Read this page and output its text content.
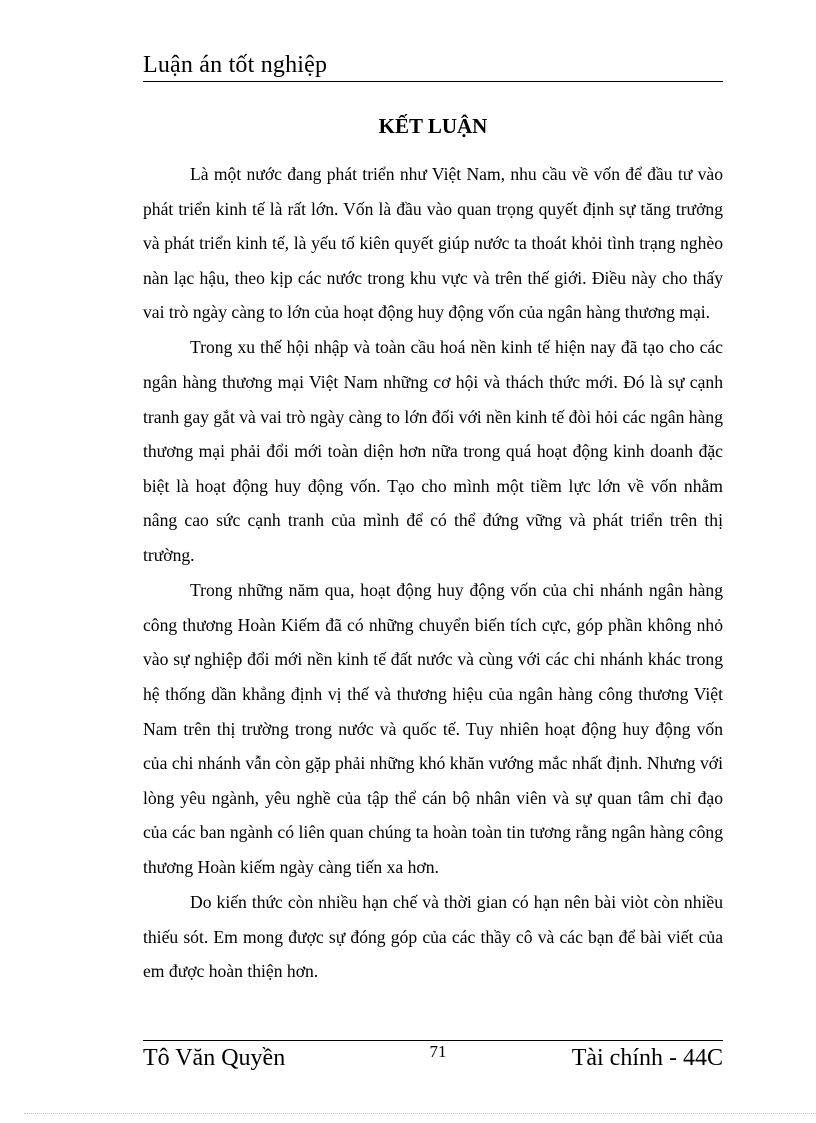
Luận án tốt nghiệp
KẾT LUẬN

Là một nước đang phát triển như Việt Nam, nhu cầu về vốn để đầu tư vào phát triển kinh tế là rất lớn. Vốn là đầu vào quan trọng quyết định sự tăng trưởng và phát triển kinh tế, là yếu tố kiên quyết giúp nước ta thoát khỏi tình trạng nghèo nàn lạc hậu, theo kịp các nước trong khu vực và trên thế giới. Điều này cho thấy vai trò ngày càng to lớn của hoạt động huy động vốn của ngân hàng thương mại.

Trong xu thế hội nhập và toàn cầu hoá nền kinh tế hiện nay đã tạo cho các ngân hàng thương mại Việt Nam những cơ hội và thách thức mới. Đó là sự cạnh tranh gay gắt và vai trò ngày càng to lớn đối với nền kinh tế đòi hỏi các ngân hàng thương mại phải đổi mới toàn diện hơn nữa trong quá hoạt động kinh doanh đặc biệt là hoạt động huy động vốn. Tạo cho mình một tiềm lực lớn về vốn nhằm nâng cao sức cạnh tranh của mình để có thể đứng vững và phát triển trên thị trường.

Trong những năm qua, hoạt động huy động vốn của chi nhánh ngân hàng công thương Hoàn Kiếm đã có những chuyển biến tích cực, góp phần không nhỏ vào sự nghiệp đổi mới nền kinh tế đất nước và cùng với các chi nhánh khác trong hệ thống dần khẳng định vị thế và thương hiệu của ngân hàng công thương Việt Nam trên thị trường trong nước và quốc tế. Tuy nhiên hoạt động huy động vốn của chi nhánh vẫn còn gặp phải những khó khăn vướng mắc nhất định. Nhưng với lòng yêu ngành, yêu nghề của tập thể cán bộ nhân viên và sự quan tâm chỉ đạo của các ban ngành có liên quan chúng ta hoàn toàn tin tương rằng ngân hàng công thương Hoàn kiếm ngày càng tiến xa hơn.

Do kiến thức còn nhiều hạn chế và thời gian có hạn nên bài viòt còn nhiều thiếu sót. Em mong được sự đóng góp của các thầy cô và các bạn để bài viết của em được hoàn thiện hơn.

Tô Văn Quyền	71	Tài chính - 44C
